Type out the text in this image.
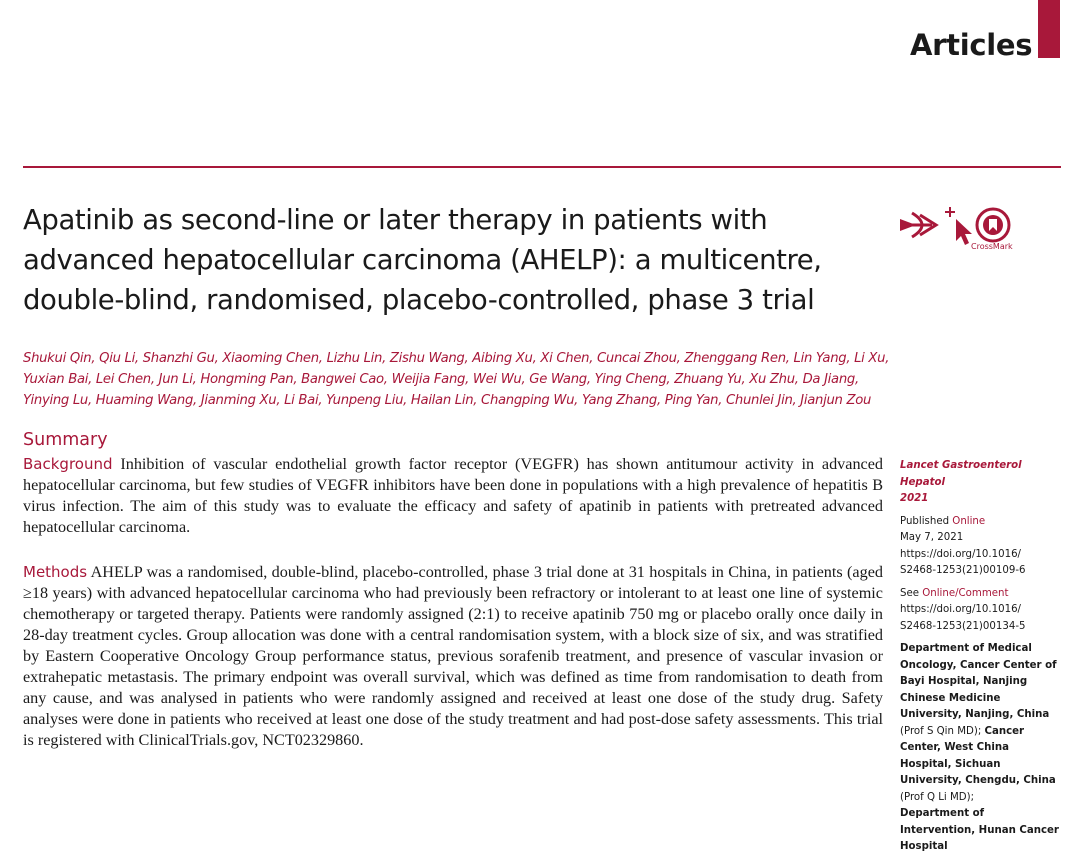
Articles
Apatinib as second-line or later therapy in patients with advanced hepatocellular carcinoma (AHELP): a multicentre, double-blind, randomised, placebo-controlled, phase 3 trial
CrossMark

Shukui Qin, Qiu Li, Shanzhi Gu, Xiaoming Chen, Lizhu Lin, Zishu Wang, Aibing Xu, Xi Chen, Cuncai Zhou, Zhenggang Ren, Lin Yang, Li Xu, Yuxian Bai, Lei Chen, Jun Li, Hongming Pan, Bangwei Cao, Weijia Fang, Wei Wu, Ge Wang, Ying Cheng, Zhuang Yu, Xu Zhu, Da Jiang, Yinying Lu, Huaming Wang, Jianming Xu, Li Bai, Yunpeng Liu, Hailan Lin, Changping Wu, Yang Zhang, Ping Yan, Chunlei Jin, Jianjun Zou

Summary

Background Inhibition of vascular endothelial growth factor receptor (VEGFR) has shown antitumour activity in advanced hepatocellular carcinoma, but few studies of VEGFR inhibitors have been done in populations with a high prevalence of hepatitis B virus infection. The aim of this study was to evaluate the efficacy and safety of apatinib in patients with pretreated advanced hepatocellular carcinoma.

Methods AHELP was a randomised, double-blind, placebo-controlled, phase 3 trial done at 31 hospitals in China, in patients (aged ≥18 years) with advanced hepatocellular carcinoma who had previously been refractory or intolerant to at least one line of systemic chemotherapy or targeted therapy. Patients were randomly assigned (2:1) to receive apatinib 750 mg or placebo orally once daily in 28-day treatment cycles. Group allocation was done with a central randomisation system, with a block size of six, and was stratified by Eastern Cooperative Oncology Group performance status, previous sorafenib treatment, and presence of vascular invasion or extrahepatic metastasis. The primary endpoint was overall survival, which was defined as time from randomisation to death from any cause, and was analysed in patients who were randomly assigned and received at least one dose of the study drug. Safety analyses were done in patients who received at least one dose of the study treatment and had post-dose safety assessments. This trial is registered with ClinicalTrials.gov, NCT02329860.

Lancet Gastroenterol Hepatol
2021
Published Online
May 7, 2021
https://doi.org/10.1016/
S2468-1253(21)00109-6
See Online/Comment
https://doi.org/10.1016/
S2468-1253(21)00134-5
Department of Medical Oncology, Cancer Center of Bayi Hospital, Nanjing Chinese Medicine University, Nanjing, China (Prof S Qin MD); Cancer Center, West China Hospital, Sichuan University, Chengdu, China (Prof Q Li MD);
Department of Intervention, Hunan Cancer Hospital
